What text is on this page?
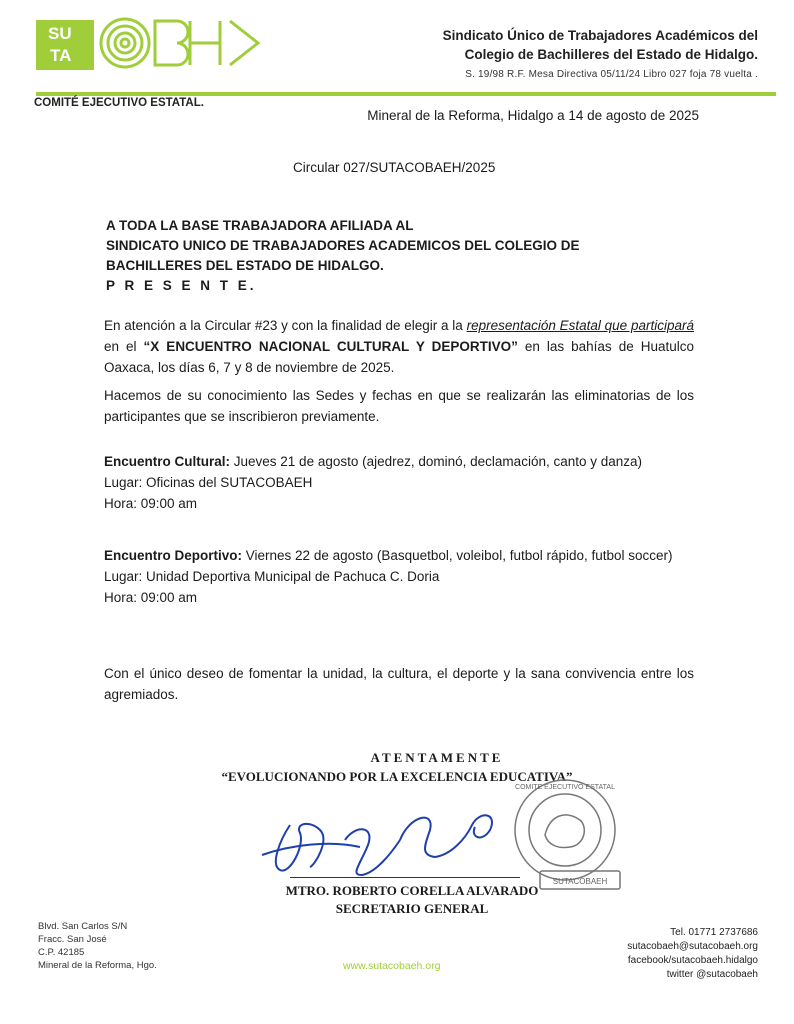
SU
TA
Sindicato Único de Trabajadores Académicos del
Colegio de Bachilleres del Estado de Hidalgo.
S. 19/98 R.F. Mesa Directiva 05/11/24 Libro 027 foja 78 vuelta .
COMITÉ EJECUTIVO ESTATAL.
Mineral de la Reforma, Hidalgo a 14 de agosto de 2025
Circular 027/SUTACOBAEH/2025
A TODA LA BASE TRABAJADORA AFILIADA AL
SINDICATO UNICO DE TRABAJADORES ACADEMICOS DEL COLEGIO DE
BACHILLERES DEL ESTADO DE HIDALGO.
P R E S E N T E.
En atención a la Circular #23 y con la finalidad de elegir a la representación Estatal que participará en el “X ENCUENTRO NACIONAL CULTURAL Y DEPORTIVO” en las bahías de Huatulco Oaxaca, los días 6, 7 y 8 de noviembre de 2025.
Hacemos de su conocimiento las Sedes y fechas en que se realizarán las eliminatorias de los participantes que se inscribieron previamente.
Encuentro Cultural: Jueves 21 de agosto (ajedrez, dominó, declamación, canto y danza)
Lugar: Oficinas del SUTACOBAEH
Hora: 09:00 am
Encuentro Deportivo: Viernes 22 de agosto (Basquetbol, voleibol, futbol rápido, futbol soccer)
Lugar: Unidad Deportiva Municipal de Pachuca C. Doria
Hora: 09:00 am
Con el único deseo de fomentar la unidad, la cultura, el deporte y la sana convivencia entre los agremiados.
ATENTAMENTE
“EVOLUCIONANDO POR LA EXCELENCIA EDUCATIVA”
COMITE EJECUTIVO ESTATAL
SUTACOBAEH
MTRO. ROBERTO CORELLA ALVARADO
SECRETARIO GENERAL
Blvd. San Carlos S/N
Fracc. San José
C.P. 42185
Mineral de la Reforma, Hgo.	www.sutacobaeh.org
Tel. 01771 2737686
sutacobaeh@sutacobaeh.org
facebook/sutacobaeh.hidalgo
twitter @sutacobaeh
